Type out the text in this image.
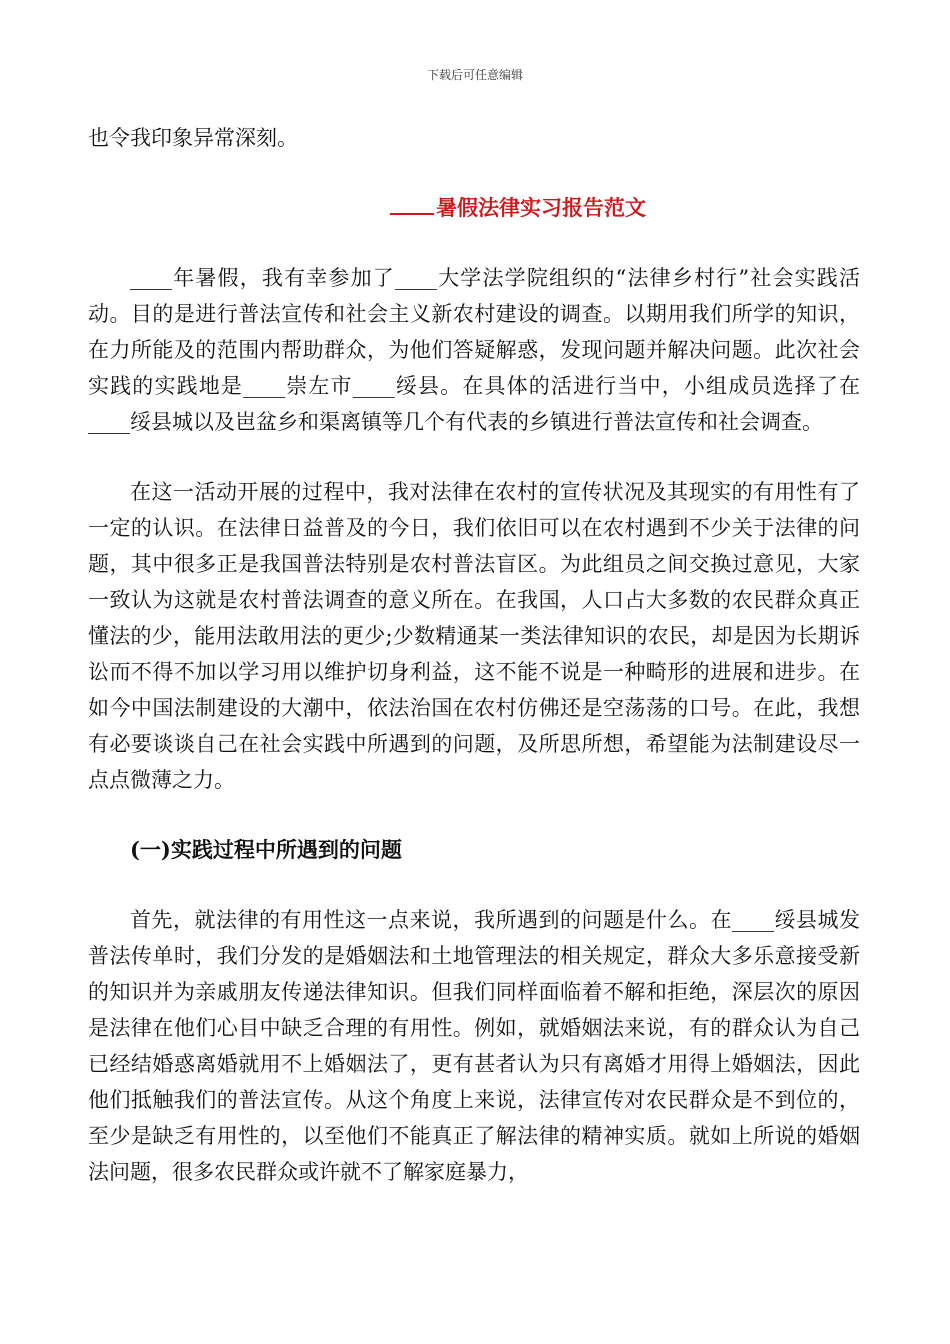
下载后可任意编辑

也令我印象异常深刻。

暑假法律实习报告范文

____年暑假，我有幸参加了____大学法学院组织的“法律乡村行”社会实践活动。目的是进行普法宣传和社会主义新农村建设的调查。以期用我们所学的知识，在力所能及的范围内帮助群众，为他们答疑解惑，发现问题并解决问题。此次社会实践的实践地是____崇左市____绥县。在具体的活进行当中，小组成员选择了在____绥县城以及岜盆乡和渠离镇等几个有代表的乡镇进行普法宣传和社会调查。

在这一活动开展的过程中，我对法律在农村的宣传状况及其现实的有用性有了一定的认识。在法律日益普及的今日，我们依旧可以在农村遇到不少关于法律的问题，其中很多正是我国普法特别是农村普法盲区。为此组员之间交换过意见，大家一致认为这就是农村普法调查的意义所在。在我国，人口占大多数的农民群众真正懂法的少，能用法敢用法的更少;少数精通某一类法律知识的农民，却是因为长期诉讼而不得不加以学习用以维护切身利益，这不能不说是一种畸形的进展和进步。在如今中国法制建设的大潮中，依法治国在农村仿佛还是空荡荡的口号。在此，我想有必要谈谈自己在社会实践中所遇到的问题，及所思所想，希望能为法制建设尽一点点微薄之力。

(一)实践过程中所遇到的问题

首先，就法律的有用性这一点来说，我所遇到的问题是什么。在____绥县城发普法传单时，我们分发的是婚姻法和土地管理法的相关规定，群众大多乐意接受新的知识并为亲戚朋友传递法律知识。但我们同样面临着不解和拒绝，深层次的原因是法律在他们心目中缺乏合理的有用性。例如，就婚姻法来说，有的群众认为自己已经结婚惑离婚就用不上婚姻法了，更有甚者认为只有离婚才用得上婚姻法，因此他们抵触我们的普法宣传。从这个角度上来说，法律宣传对农民群众是不到位的，至少是缺乏有用性的，以至他们不能真正了解法律的精神实质。就如上所说的婚姻法问题，很多农民群众或许就不了解家庭暴力，
